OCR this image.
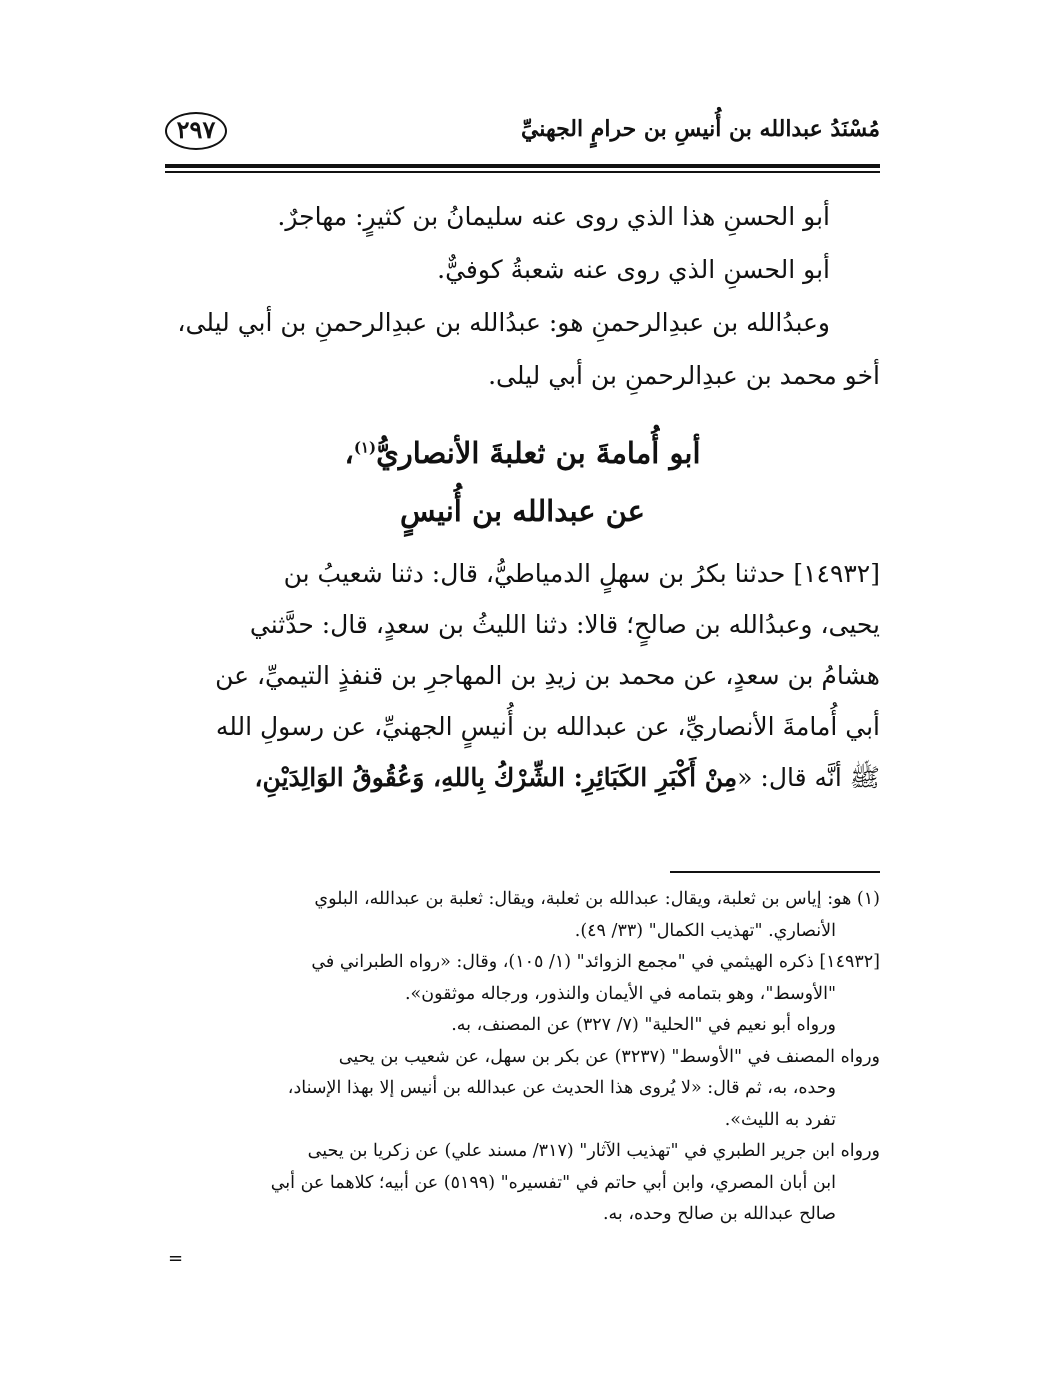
مُسْنَدُ عبدالله بن أُنيسِ بن حرامٍ الجهنيِّ
٢٩٧
أبو الحسنِ هذا الذي روى عنه سليمانُ بن كثيرٍ: مهاجرٌ.
أبو الحسنِ الذي روى عنه شعبةُ كوفيٌّ.
وعبدُالله بن عبدِالرحمنِ هو: عبدُالله بن عبدِالرحمنِ بن أبي ليلى،
أخو محمد بن عبدِالرحمنِ بن أبي ليلى.
أبو أُمامةَ بن ثعلبةَ الأنصاريُّ$^{(١)}$،
عن عبدالله بن أُنيسٍ
[١٤٩٣٢] حدثنا بكرُ بن سهلٍ الدمياطيُّ، قال: دثنا شعيبُ بن
يحيى، وعبدُالله بن صالحٍ؛ قالا: دثنا الليثُ بن سعدٍ، قال: حدَّثني
هشامُ بن سعدٍ، عن محمد بن زيدِ بن المهاجرِ بن قنفذٍ التيميِّ، عن
أبي أُمامةَ الأنصاريِّ، عن عبدالله بن أُنيسٍ الجهنيِّ، عن رسولِ الله
ﷺ أنَّه قال: «مِنْ أَكْبَرِ الكَبَائِرِ: الشِّرْكُ بِاللهِ، وَعُقُوقُ الوَالِدَيْنِ،
(١) هو: إياس بن ثعلبة، ويقال: عبدالله بن ثعلبة، ويقال: ثعلبة بن عبدالله، البلوي
الأنصاري. "تهذيب الكمال" (٣٣/ ٤٩).
[١٤٩٣٢] ذكره الهيثمي في "مجمع الزوائد" (١/ ١٠٥)، وقال: «رواه الطبراني في
"الأوسط"، وهو بتمامه في الأيمان والنذور، ورجاله موثقون».
ورواه أبو نعيم في "الحلية" (٧/ ٣٢٧) عن المصنف، به.
ورواه المصنف في "الأوسط" (٣٢٣٧) عن بكر بن سهل، عن شعيب بن يحيى
وحده، به، ثم قال: «لا يُروى هذا الحديث عن عبدالله بن أنيس إلا بهذا الإسناد،
تفرد به الليث».
ورواه ابن جرير الطبري في "تهذيب الآثار" (٣١٧/ مسند علي) عن زكريا بن يحيى
ابن أبان المصري، وابن أبي حاتم في "تفسيره" (٥١٩٩) عن أبيه؛ كلاهما عن أبي
صالح عبدالله بن صالح وحده، به.
=
